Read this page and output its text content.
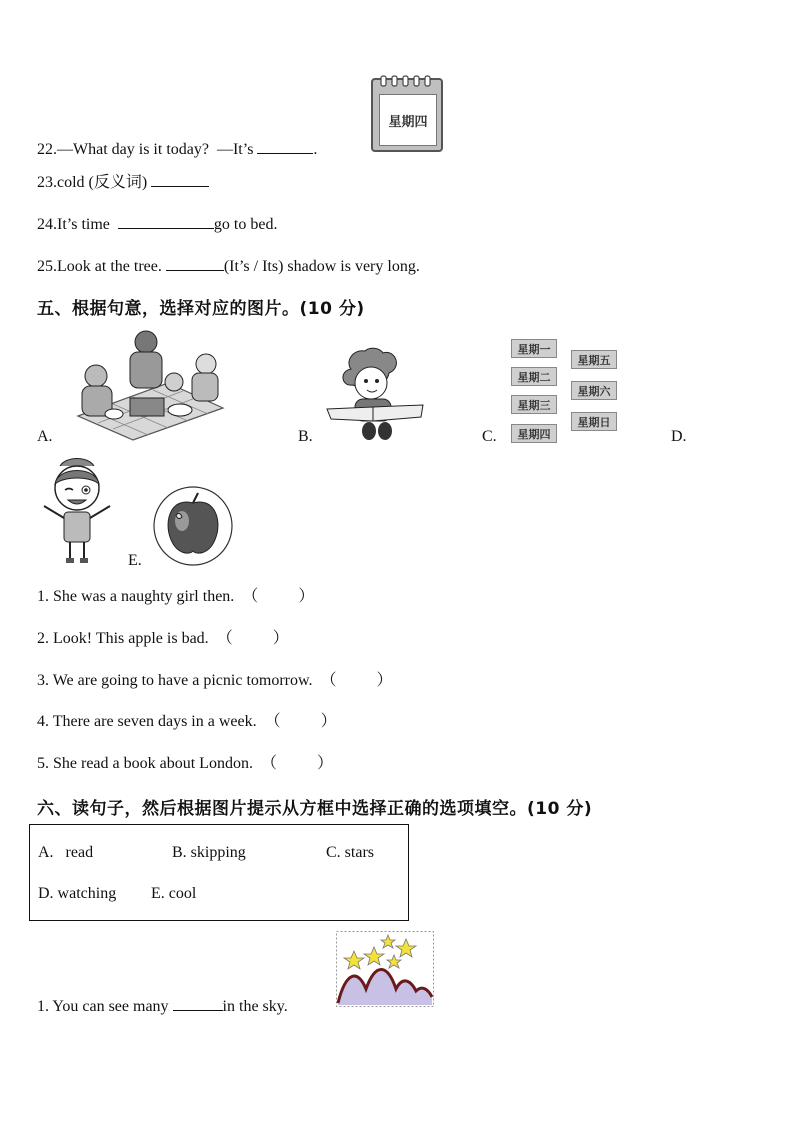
22.—What day is it today? —It’s	.
星期四
23.cold (反义词)
24.It’s time	go to bed.
25.Look at the tree.	(It’s / Its) shadow is very long.
五、根据句意，选择对应的图片。(10 分)
A.	B.
星期一
星期二
星期三
星期四
星期五
星期六
星期日
C.	D.
E.
1. She was a naughty girl then. （	）
2. Look! This apple is bad. （	）
3. We are going to have a picnic tomorrow. （	）
4. There are seven days in a week. （	）
5. She read a book about London. （	）
六、读句子，然后根据图片提示从方框中选择正确的选项填空。(10 分)
A.   read	B. skipping	C. stars
D. watching E. cool
1. You can see many	in the sky.
